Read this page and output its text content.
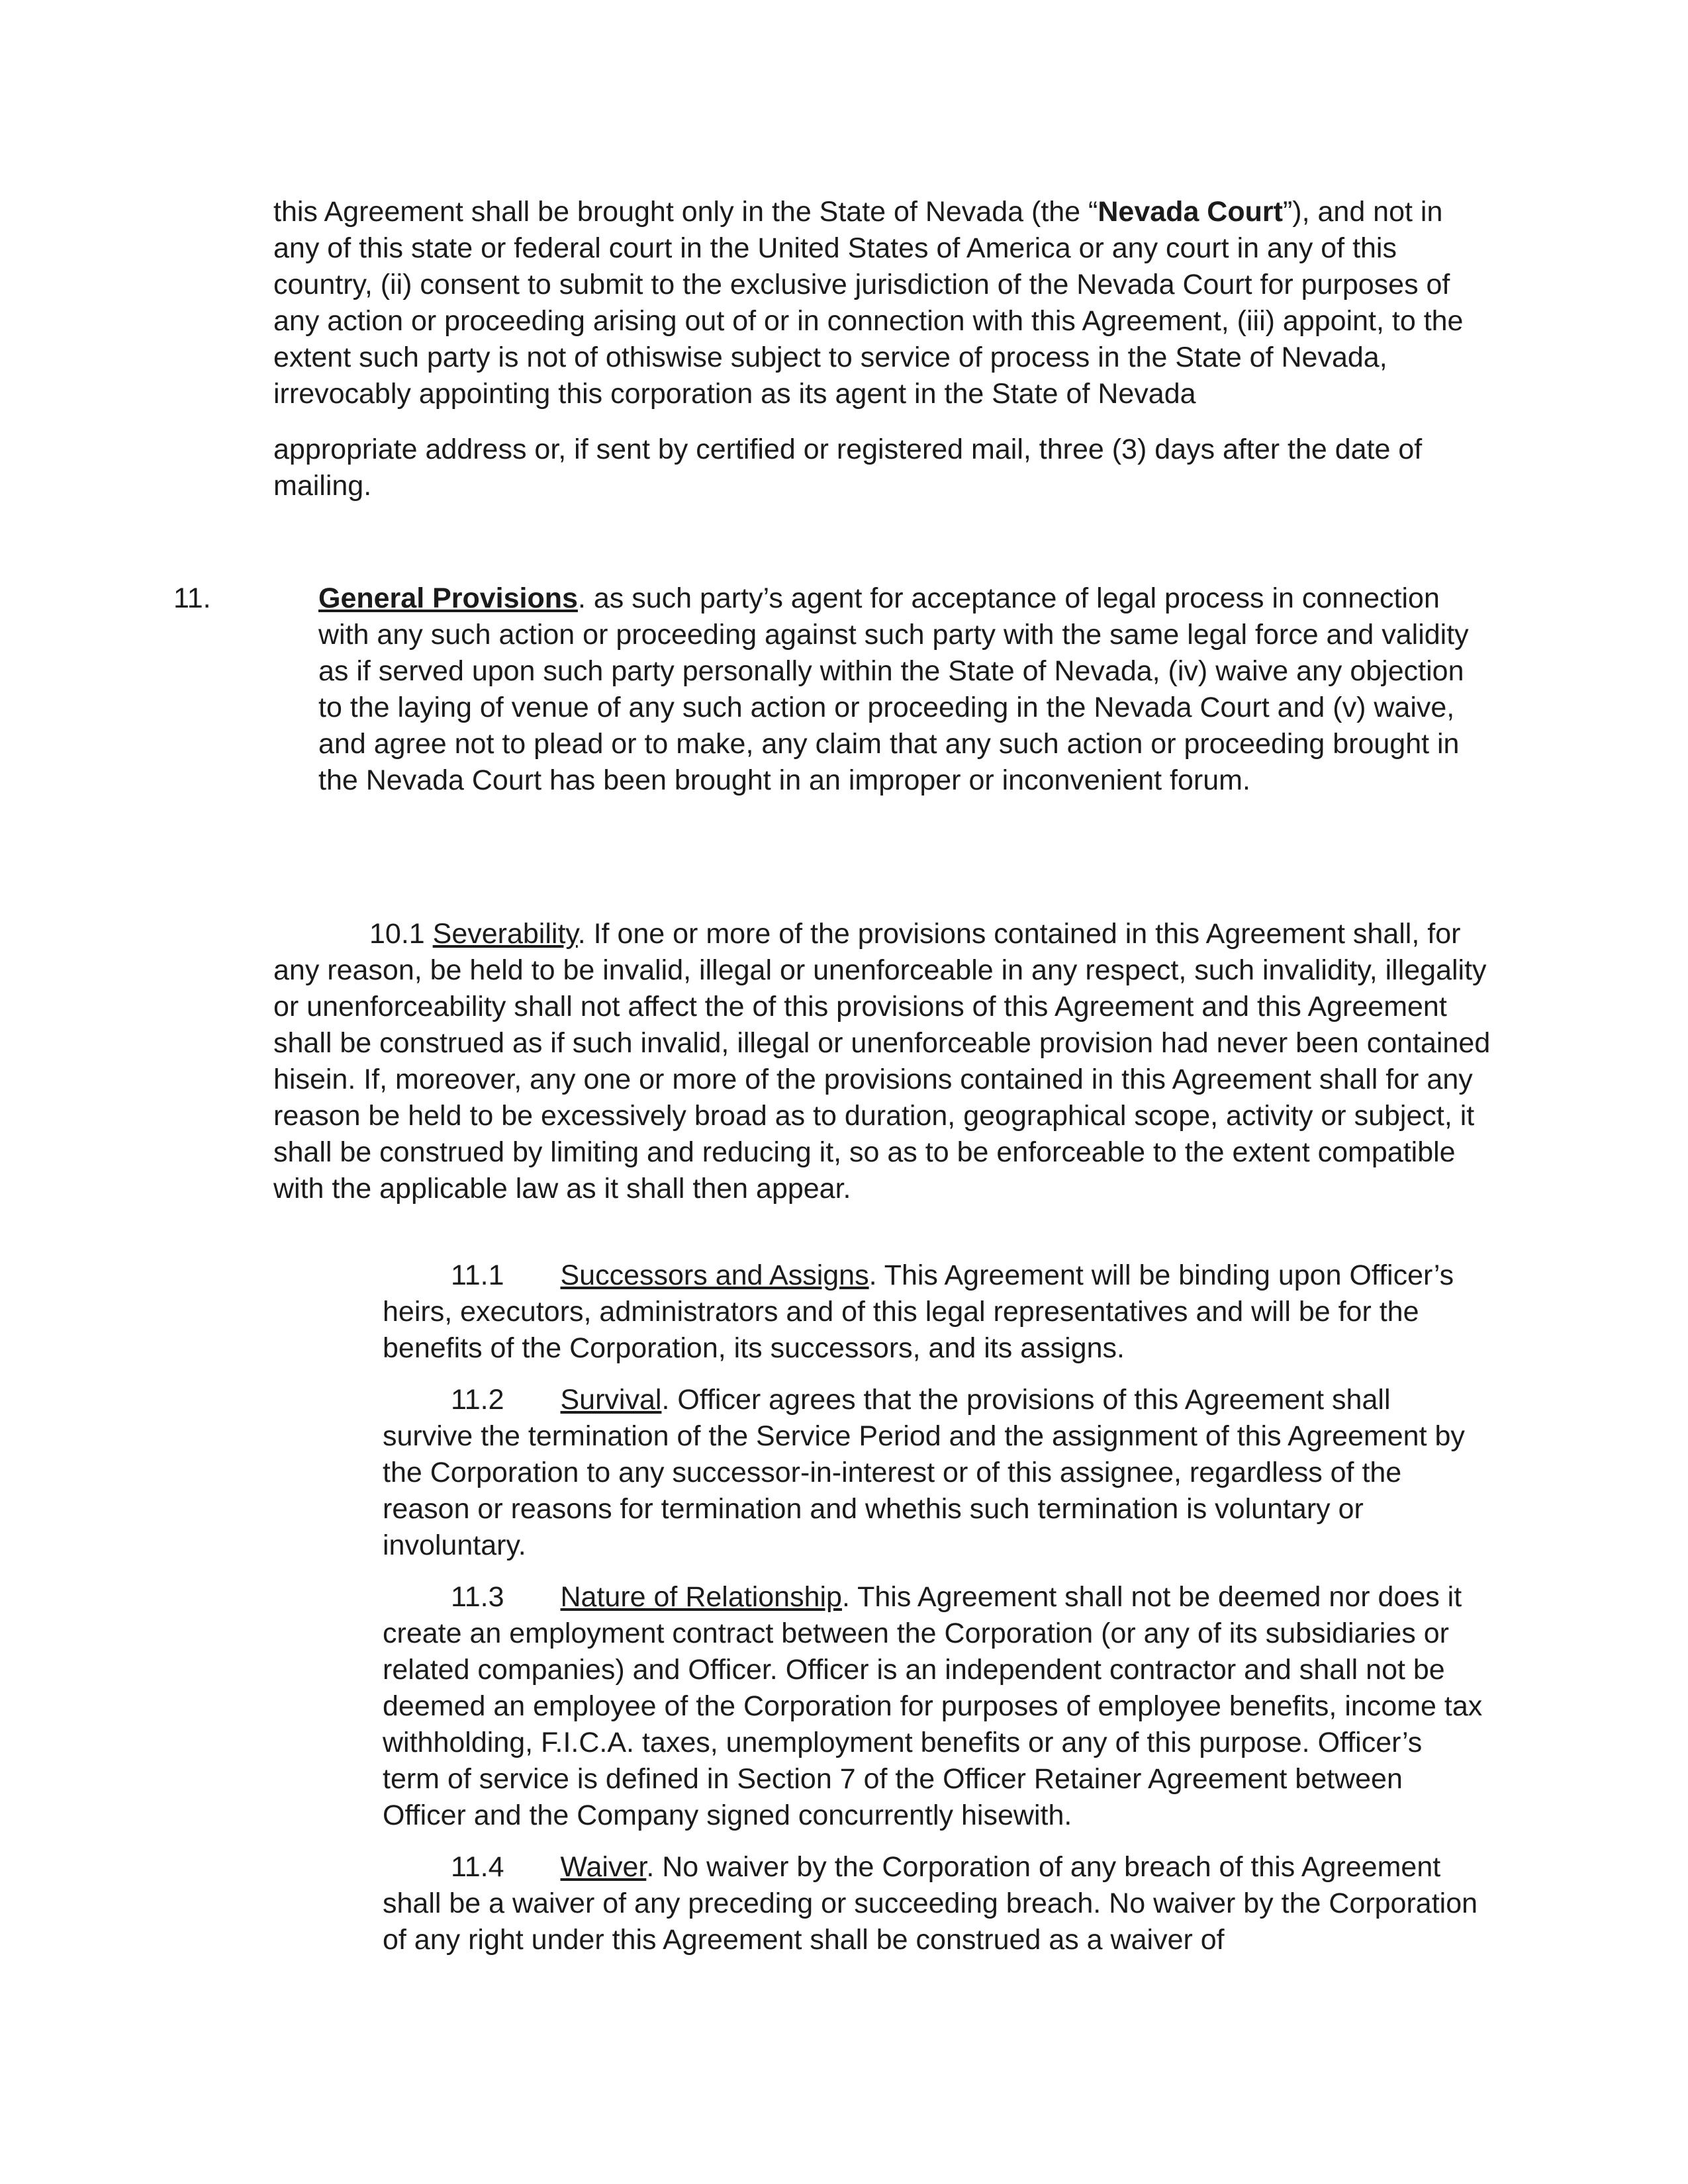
this Agreement shall be brought only in the State of Nevada (the “Nevada Court”), and not in any of this state or federal court in the United States of America or any court in any of this country, (ii) consent to submit to the exclusive jurisdiction of the Nevada Court for purposes of any action or proceeding arising out of or in connection with this Agreement, (iii) appoint, to the extent such party is not of othiswise subject to service of process in the State of Nevada, irrevocably appointing this corporation as its agent in the State of Nevada

appropriate address or, if sent by certified or registered mail, three (3) days after the date of mailing.

11.	General Provisions. as such party’s agent for acceptance of legal process in connection with any such action or proceeding against such party with the same legal force and validity as if served upon such party personally within the State of Nevada, (iv) waive any objection to the laying of venue of any such action or proceeding in the Nevada Court and (v) waive, and agree not to plead or to make, any claim that any such action or proceeding brought in the Nevada Court has been brought in an improper or inconvenient forum.

10.1 Severability. If one or more of the provisions contained in this Agreement shall, for any reason, be held to be invalid, illegal or unenforceable in any respect, such invalidity, illegality or unenforceability shall not affect the of this provisions of this Agreement and this Agreement shall be construed as if such invalid, illegal or unenforceable provision had never been contained hisein. If, moreover, any one or more of the provisions contained in this Agreement shall for any reason be held to be excessively broad as to duration, geographical scope, activity or subject, it shall be construed by limiting and reducing it, so as to be enforceable to the extent compatible with the applicable law as it shall then appear.

11.1 Successors and Assigns. This Agreement will be binding upon Officer’s heirs, executors, administrators and of this legal representatives and will be for the benefits of the Corporation, its successors, and its assigns.

11.2 Survival. Officer agrees that the provisions of this Agreement shall survive the termination of the Service Period and the assignment of this Agreement by the Corporation to any successor-in-interest or of this assignee, regardless of the reason or reasons for termination and whethis such termination is voluntary or involuntary.

11.3 Nature of Relationship. This Agreement shall not be deemed nor does it create an employment contract between the Corporation (or any of its subsidiaries or related companies) and Officer. Officer is an independent contractor and shall not be deemed an employee of the Corporation for purposes of employee benefits, income tax withholding, F.I.C.A. taxes, unemployment benefits or any of this purpose. Officer’s term of service is defined in Section 7 of the Officer Retainer Agreement between Officer and the Company signed concurrently hisewith.

11.4 Waiver. No waiver by the Corporation of any breach of this Agreement shall be a waiver of any preceding or succeeding breach. No waiver by the Corporation of any right under this Agreement shall be construed as a waiver of
